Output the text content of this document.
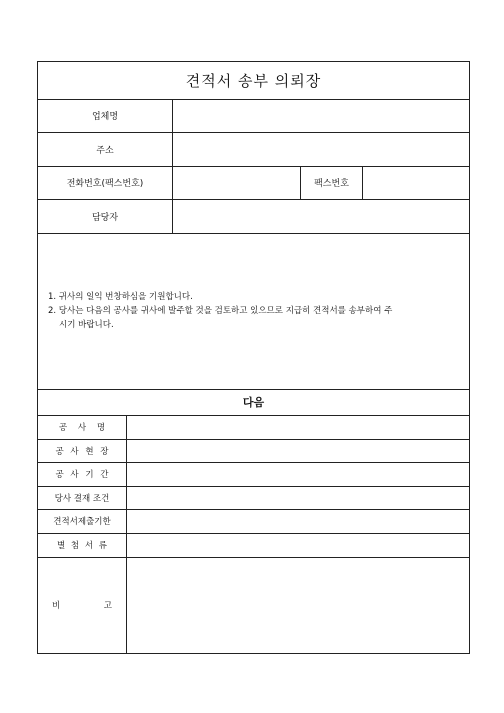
견적서 송부 의뢰장
업체명
주소
전화번호(팩스번호)	팩스번호
담당자
1. 귀사의 일익 번창하심을 기원합니다.
2. 당사는 다음의 공사를 귀사에 발주할 것을 검토하고 있으므로 지급히 견적서를 송부하여 주
시기 바랍니다.
다음
공    사    명
공 사 현 장
공 사 기 간
당사 결재 조건
견적서제출기한
별 첨 서 류
비	고
